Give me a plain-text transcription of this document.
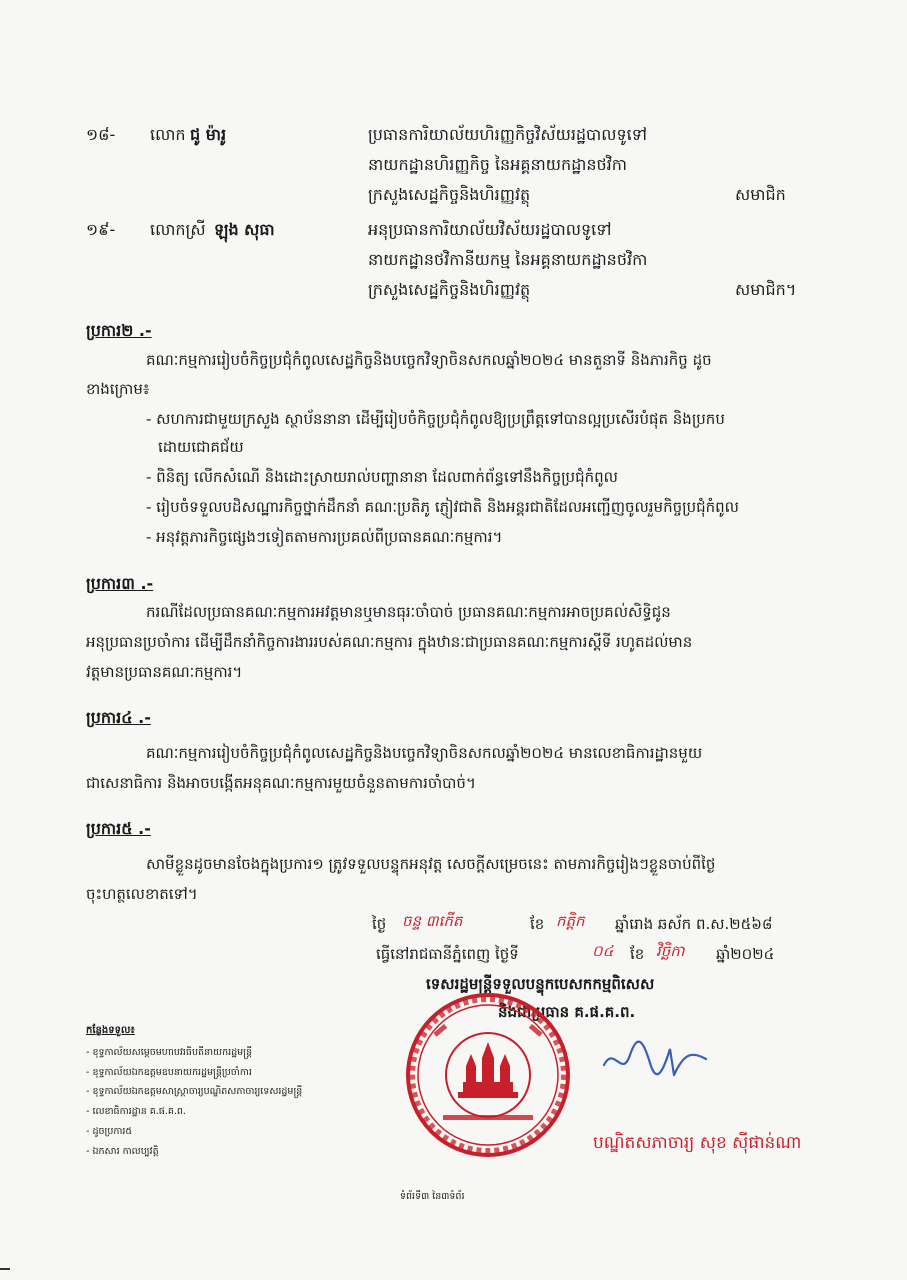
១៨- លោក ជូ ម៉ារូ	ប្រធានការិយាល័យហិរញ្ញកិច្ចវិស័យរដ្ឋបាលទូទៅ
នាយកដ្ឋានហិរញ្ញកិច្ច នៃអគ្គនាយកដ្ឋានថវិកា
ក្រសួងសេដ្ឋកិច្ចនិងហិរញ្ញវត្ថុ	សមាជិក
១៩- លោកស្រី ឡុង សុធា	អនុប្រធានការិយាល័យវិស័យរដ្ឋបាលទូទៅ
នាយកដ្ឋានថវិកានីយកម្ម នៃអគ្គនាយកដ្ឋានថវិកា
ក្រសួងសេដ្ឋកិច្ចនិងហិរញ្ញវត្ថុ	សមាជិក។
ប្រការ២ .-
គណៈកម្មការរៀបចំកិច្ចប្រជុំកំពូលសេដ្ឋកិច្ចនិងបច្ចេកវិទ្យាចិនសកលឆ្នាំ២០២៤ មានតួនាទី និងភារកិច្ច ដូច
ខាងក្រោម៖
- សហការជាមួយក្រសួង ស្ថាប័ននានា ដើម្បីរៀបចំកិច្ចប្រជុំកំពូលឱ្យប្រព្រឹត្តទៅបានល្អប្រសើរបំផុត និងប្រកប
ដោយជោគជ័យ
- ពិនិត្យ លើកសំណើ និងដោះស្រាយរាល់បញ្ហានានា ដែលពាក់ព័ន្ធទៅនឹងកិច្ចប្រជុំកំពូល
- រៀបចំទទួលបដិសណ្ឋារកិច្ចថ្នាក់ដឹកនាំ គណៈប្រតិភូ ភ្ញៀវជាតិ និងអន្តរជាតិដែលអញ្ជើញចូលរួមកិច្ចប្រជុំកំពូល
- អនុវត្តភារកិច្ចផ្សេងៗទៀតតាមការប្រគល់ពីប្រធានគណៈកម្មការ។
ប្រការ៣ .-
ករណីដែលប្រធានគណៈកម្មការអវត្តមានឬមានធុរៈចាំបាច់ ប្រធានគណៈកម្មការអាចប្រគល់សិទ្ធិជូន
អនុប្រធានប្រចាំការ ដើម្បីដឹកនាំកិច្ចការងាររបស់គណៈកម្មការ ក្នុងឋានៈជាប្រធានគណៈកម្មការស្ដីទី រហូតដល់មាន
វត្តមានប្រធានគណៈកម្មការ។
ប្រការ៤ .-
គណៈកម្មការរៀបចំកិច្ចប្រជុំកំពូលសេដ្ឋកិច្ចនិងបច្ចេកវិទ្យាចិនសកលឆ្នាំ២០២៤ មានលេខាធិការដ្ឋានមួយ
ជាសេនាធិការ និងអាចបង្កើតអនុគណៈកម្មការមួយចំនួនតាមការចាំបាច់។
ប្រការ៥ .-
សាមីខ្លួនដូចមានចែងក្នុងប្រការ១ ត្រូវទទួលបន្ទុកអនុវត្ត សេចក្ដីសម្រេចនេះ តាមភារកិច្ចរៀងៗខ្លួនចាប់ពីថ្ងៃ
ចុះហត្ថលេខាតទៅ។
ថ្ងៃ ចន្ទ ៣កើត	ខែ កត្តិក ឆ្នាំរោង ឆស័ក ព.ស.២៥៦៨
ធ្វើនៅរាជធានីភ្នំពេញ ថ្ងៃទី	០៤ ខែ វិច្ឆិកា ឆ្នាំ២០២៤
ទេសរដ្ឋមន្ត្រីទទួលបន្ទុកបេសកកម្មពិសេស
និងជាប្រធាន គ.ផ.គ.ព.
បណ្ឌិតសភាចារ្យ សុខ ស៊ីផាន់ណា
កន្លែងទទួល៖
- ខុទ្ទកាល័យសម្ដេចមហាបវរធិបតីនាយករដ្ឋមន្ត្រី
- ខុទ្ទកាល័យឯកឧត្តមឧបនាយករដ្ឋមន្ត្រីប្រចាំការ
- ខុទ្ទកាល័យឯកឧត្តមសាស្ត្រាចារ្យបណ្ឌិតសភាចារ្យទេសរដ្ឋមន្ត្រី
- លេខាធិការដ្ឋាន គ.ផ.គ.ព.
- ដូចប្រការ៥
- ឯកសារ កាលប្បវត្តិ
ទំព័រទី៣ នៃ៣ទំព័រ
